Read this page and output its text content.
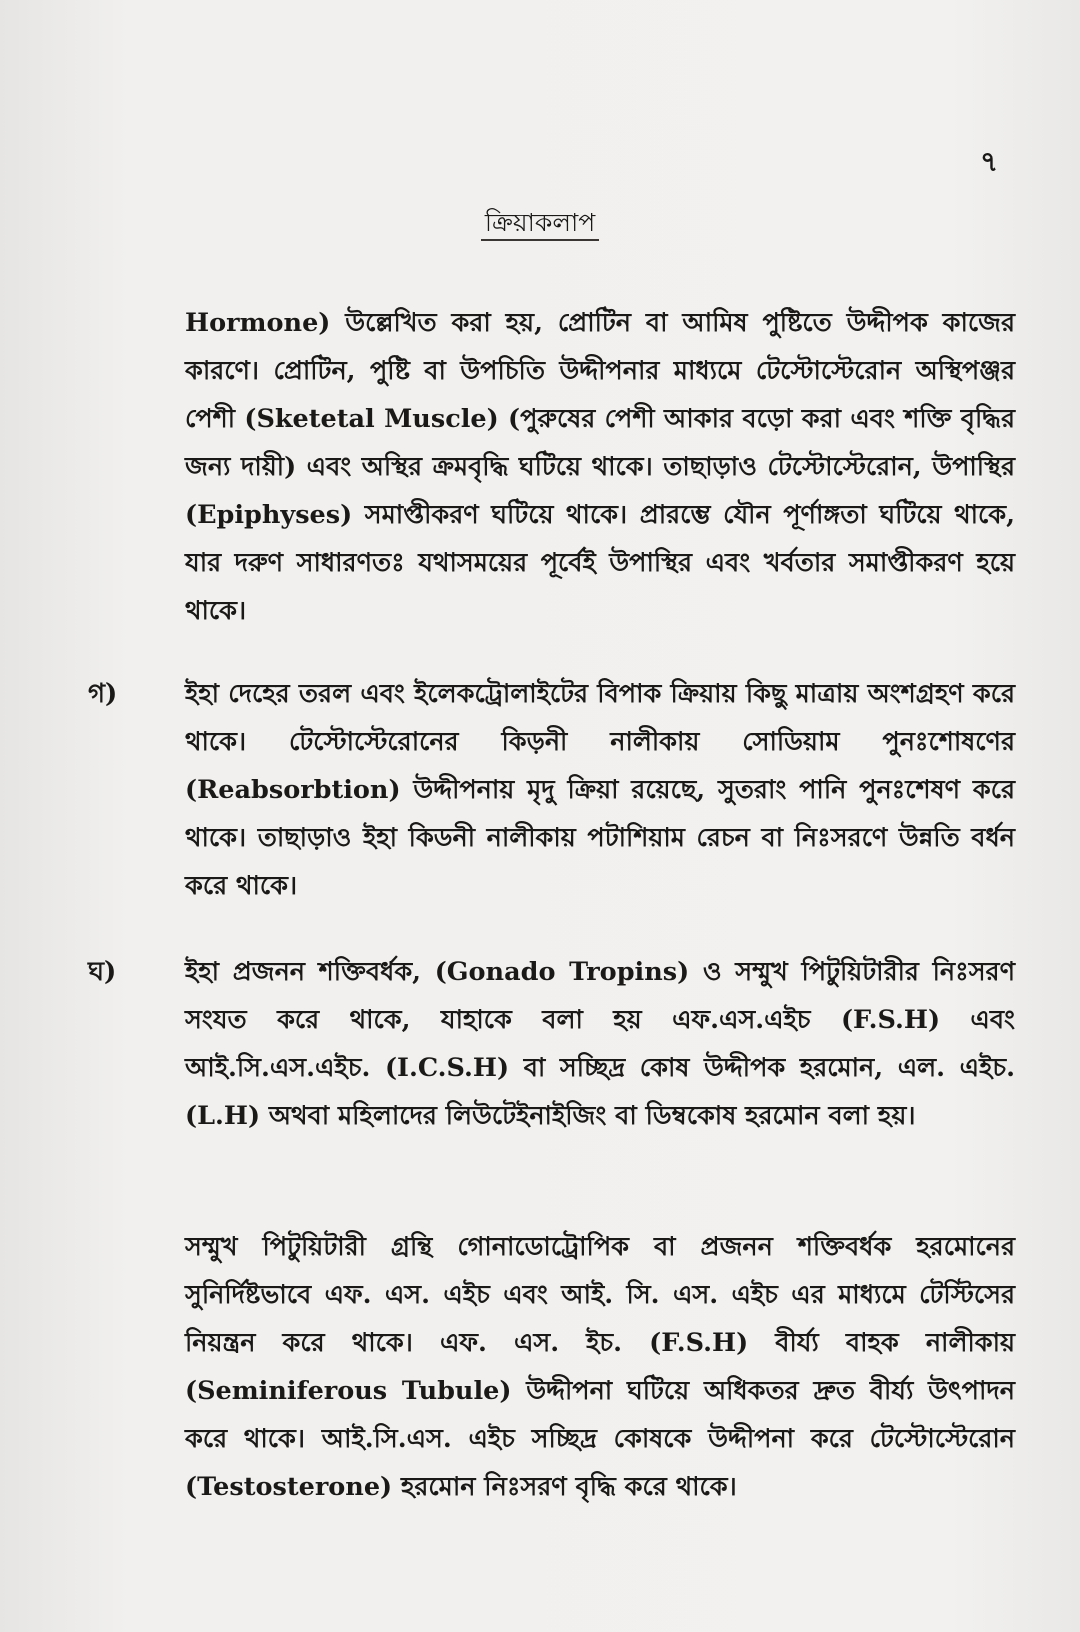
৭
ক্রিয়াকলাপ
Hormone) উল্লেখিত করা হয়, প্রোটিন বা আমিষ পুষ্টিতে উদ্দীপক কাজের কারণে। প্রোটিন, পুষ্টি বা উপচিতি উদ্দীপনার মাধ্যমে টেস্টোস্টেরোন অস্থিপঞ্জর পেশী (Sketetal Muscle) (পুরুষের পেশী আকার বড়ো করা এবং শক্তি বৃদ্ধির জন্য দায়ী) এবং অস্থির ক্রমবৃদ্ধি ঘটিয়ে থাকে। তাছাড়াও টেস্টোস্টেরোন, উপাস্থির (Epiphyses) সমাপ্তীকরণ ঘটিয়ে থাকে। প্রারম্ভে যৌন পূর্ণাঙ্গতা ঘটিয়ে থাকে, যার দরুণ সাধারণতঃ যথাসময়ের পূর্বেই উপাস্থির এবং খর্বতার সমাপ্তীকরণ হয়ে থাকে।
গ)	ইহা দেহের তরল এবং ইলেকট্রোলাইটের বিপাক ক্রিয়ায় কিছু মাত্রায় অংশগ্রহণ করে থাকে। টেস্টোস্টেরোনের কিড়নী নালীকায় সোডিয়াম পুনঃশোষণের (Reabsorbtion) উদ্দীপনায় মৃদু ক্রিয়া রয়েছে, সুতরাং পানি পুনঃশেষণ করে থাকে। তাছাড়াও ইহা কিডনী নালীকায় পটাশিয়াম রেচন বা নিঃসরণে উন্নতি বর্ধন করে থাকে।
ঘ)	ইহা প্রজনন শক্তিবর্ধক, (Gonado Tropins) ও সম্মুখ পিটুয়িটারীর নিঃসরণ সংযত করে থাকে, যাহাকে বলা হয় এফ.এস.এইচ (F.S.H) এবং আই.সি.এস.এইচ. (I.C.S.H) বা সচ্ছিদ্র কোষ উদ্দীপক হরমোন, এল. এইচ. (L.H) অথবা মহিলাদের লিউটেইনাইজিং বা ডিম্বকোষ হরমোন বলা হয়।
সম্মুখ পিটুয়িটারী গ্রন্থি গোনাডোট্রোপিক বা প্রজনন শক্তিবর্ধক হরমোনের সুনির্দিষ্টভাবে এফ. এস. এইচ এবং আই. সি. এস. এইচ এর মাধ্যমে টেস্টিসের নিয়ন্ত্রন করে থাকে। এফ. এস. ইচ. (F.S.H) বীর্য্য বাহক নালীকায় (Seminiferous Tubule) উদ্দীপনা ঘটিয়ে অধিকতর দ্রুত বীর্য্য উৎপাদন করে থাকে। আই.সি.এস. এইচ সচ্ছিদ্র কোষকে উদ্দীপনা করে টেস্টোস্টেরোন (Testosterone) হরমোন নিঃসরণ বৃদ্ধি করে থাকে।
